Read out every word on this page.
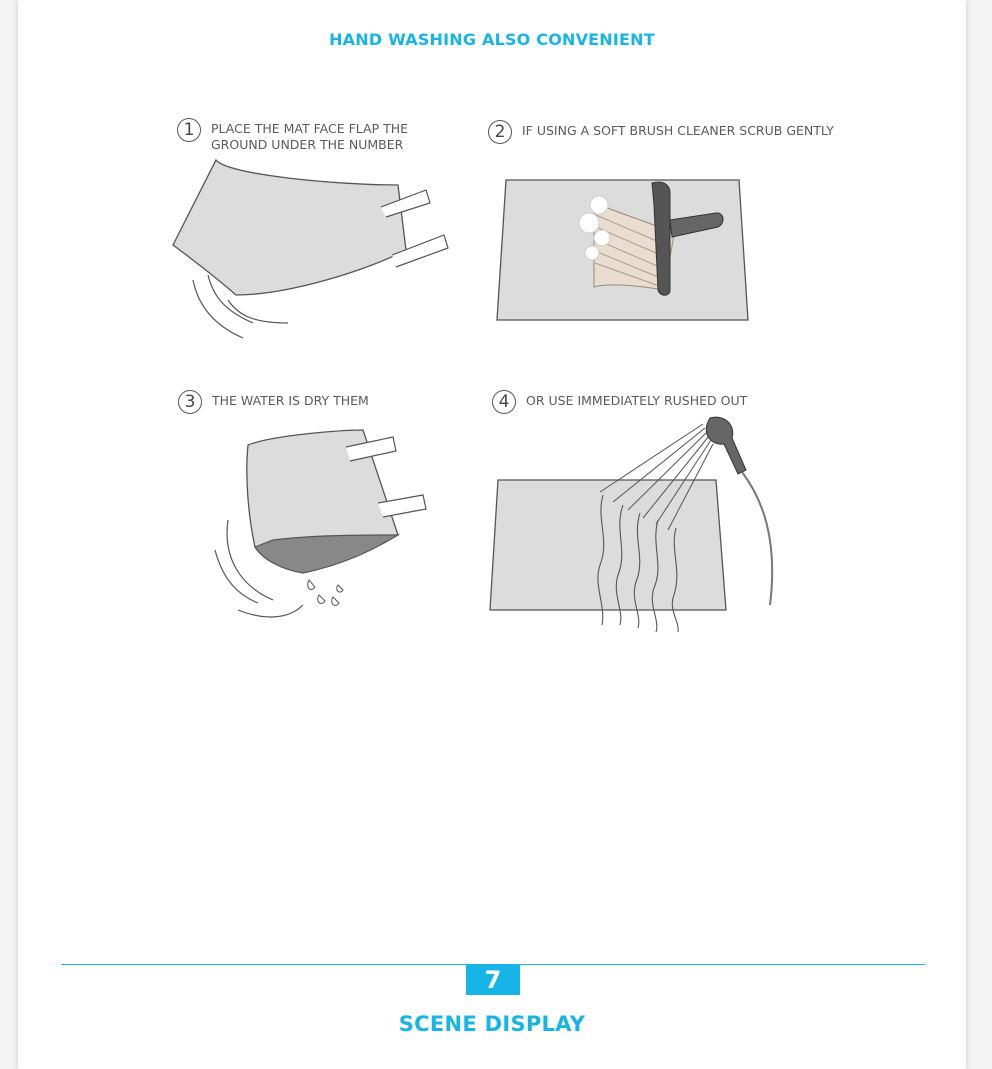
HAND WASHING ALSO CONVENIENT
1	PLACE THE MAT FACE FLAP THE
GROUND UNDER THE NUMBER
2	IF USING A SOFT BRUSH CLEANER SCRUB GENTLY
3	THE WATER IS DRY THEM	4	OR USE IMMEDIATELY RUSHED OUT
7
SCENE DISPLAY
